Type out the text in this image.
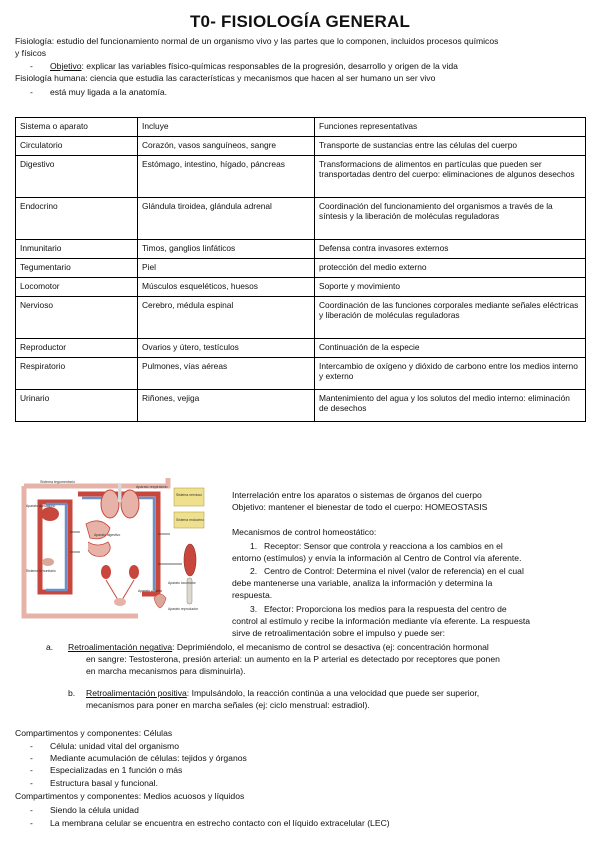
T0- FISIOLOGÍA GENERAL
Fisiología: estudio del funcionamiento normal de un organismo vivo y las partes que lo componen, incluidos procesos químicos
y físicos
- Objetivo: explicar las variables físico-químicas responsables de la progresión, desarrollo y origen de la vida
Fisiología humana: ciencia que estudia las características y mecanismos que hacen al ser humano un ser vivo
- está muy ligada a la anatomía.
Sistema o aparato	Incluye	Funciones representativas
Circulatorio	Corazón, vasos sanguíneos, sangre	Transporte de sustancias entre las células del cuerpo
Digestivo	Estómago, intestino, hígado, páncreas	Transformacions de alimentos en partículas que pueden ser transportadas dentro del cuerpo: eliminaciones de algunos desechos
Endocrino	Glándula tiroidea, glándula adrenal	Coordinación del funcionamiento del organismos a través de la síntesis y la liberación de moléculas reguladoras
Inmunitario	Timos, ganglios linfáticos	Defensa contra invasores externos
Tegumentario	Piel	protección del medio externo
Locomotor	Músculos esqueléticos, huesos	Soporte y movimiento
Nervioso	Cerebro, médula espinal	Coordinación de las funciones corporales mediante señales eléctricas y liberación de moléculas reguladoras
Reproductor	Ovarios y útero, testículos	Continuación de la especie
Respiratorio	Pulmones, vías aéreas	Intercambio de oxígeno y dióxido de carbono entre los medios interno y externo
Urinario	Riñones, vejiga	Mantenimiento del agua y los solutos del medio interno: eliminación de desechos
Sistema tegumentario
Aparato respiratorio
Sistema nervioso
Sistema endocrino
Aparato circulatorio
Aparato digestivo
Sistema inmunitario
Aparato urinario
Aparato locomotor
Aparato reproductor
Interrelación entre los aparatos o sistemas de órganos del cuerpo
Objetivo: mantener el bienestar de todo el cuerpo: HOMEOSTASIS
Mecanismos de control homeostático:
1. Receptor: Sensor que controla y reacciona a los cambios en el
entorno (estímulos) y envía la información al Centro de Control vía aferente.
2. Centro de Control: Determina el nivel (valor de referencia) en el cual
debe mantenerse una variable, analiza la información y determina la
respuesta.
3. Efector: Proporciona los medios para la respuesta del centro de
control al estímulo y recibe la información mediante vía eferente. La respuesta
sirve de retroalimentación sobre el impulso y puede ser:
a. Retroalimentación negativa: Deprimiéndolo, el mecanismo de control se desactiva (ej: concentración hormonal
en sangre: Testosterona, presión arterial: un aumento en la P arterial es detectado por receptores que ponen
en marcha mecanismos para disminuirla).
b. Retroalimentación positiva: Impulsándolo, la reacción continúa a una velocidad que puede ser superior,
mecanismos para poner en marcha señales (ej: ciclo menstrual: estradiol).
Compartimentos y componentes: Células
- Célula: unidad vital del organismo
- Mediante acumulación de células: tejidos y órganos
- Especializadas en 1 función o más
- Estructura basal y funcional.
Compartimentos y componentes: Medios acuosos y líquidos
- Siendo la célula unidad
- La membrana celular se encuentra en estrecho contacto con el líquido extracelular (LEC)
